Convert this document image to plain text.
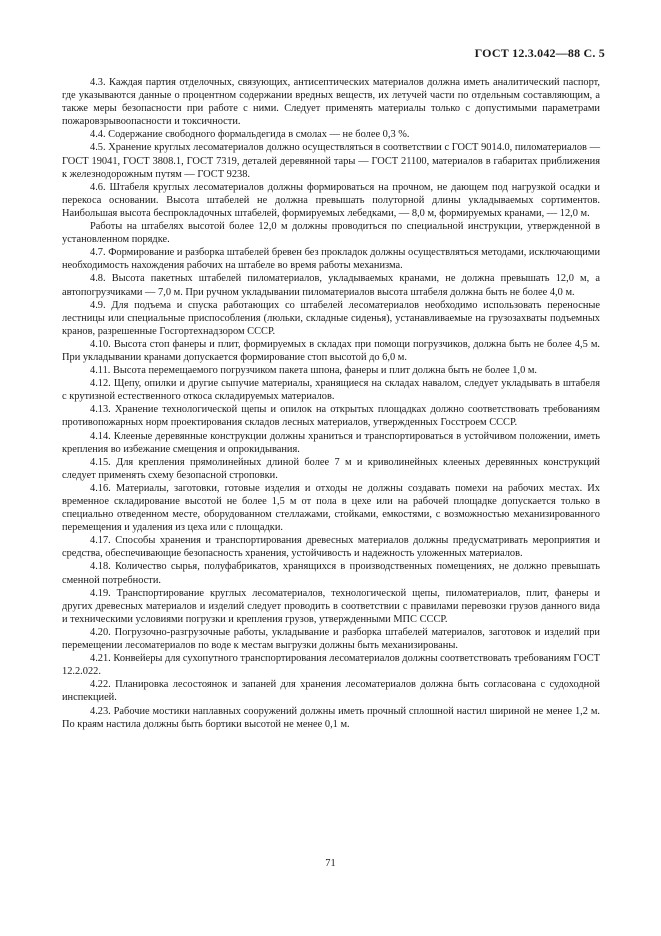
ГОСТ 12.3.042—88 С. 5

4.3. Каждая партия отделочных, связующих, антисептических материалов должна иметь аналитический паспорт, где указываются данные о процентном содержании вредных веществ, их летучей части по отдельным составляющим, а также меры безопасности при работе с ними. Следует применять материалы только с допустимыми параметрами пожаровзрывоопасности и токсичности.

4.4. Содержание свободного формальдегида в смолах — не более 0,3 %.

4.5. Хранение круглых лесоматериалов должно осуществляться в соответствии с ГОСТ 9014.0, пиломатериалов — ГОСТ 19041, ГОСТ 3808.1, ГОСТ 7319, деталей деревянной тары — ГОСТ 21100, материалов в габаритах приближения к железнодорожным путям — ГОСТ 9238.

4.6. Штабеля круглых лесоматериалов должны формироваться на прочном, не дающем под нагрузкой осадки и перекоса основании. Высота штабелей не должна превышать полуторной длины укладываемых сортиментов. Наибольшая высота беспрокладочных штабелей, формируемых лебедками, — 8,0 м, формируемых кранами, — 12,0 м.

Работы на штабелях высотой более 12,0 м должны проводиться по специальной инструкции, утвержденной в установленном порядке.

4.7. Формирование и разборка штабелей бревен без прокладок должны осуществляться методами, исключающими необходимость нахождения рабочих на штабеле во время работы механизма.

4.8. Высота пакетных штабелей пиломатериалов, укладываемых кранами, не должна превышать 12,0 м, а автопогрузчиками — 7,0 м. При ручном укладывании пиломатериалов высота штабеля должна быть не более 4,0 м.

4.9. Для подъема и спуска работающих со штабелей лесоматериалов необходимо использовать переносные лестницы или специальные приспособления (люльки, складные сиденья), устанавливаемые на грузозахваты подъемных кранов, разрешенные Госгортехнадзором СССР.

4.10. Высота стоп фанеры и плит, формируемых в складах при помощи погрузчиков, должна быть не более 4,5 м. При укладывании кранами допускается формирование стоп высотой до 6,0 м.

4.11. Высота перемещаемого погрузчиком пакета шпона, фанеры и плит должна быть не более 1,0 м.

4.12. Щепу, опилки и другие сыпучие материалы, хранящиеся на складах навалом, следует укладывать в штабеля с крутизной естественного откоса складируемых материалов.

4.13. Хранение технологической щепы и опилок на открытых площадках должно соответствовать требованиям противопожарных норм проектирования складов лесных материалов, утвержденных Госстроем СССР.

4.14. Клееные деревянные конструкции должны храниться и транспортироваться в устойчивом положении, иметь крепления во избежание смещения и опрокидывания.

4.15. Для крепления прямолинейных длиной более 7 м и криволинейных клееных деревянных конструкций следует применять схему безопасной строповки.

4.16. Материалы, заготовки, готовые изделия и отходы не должны создавать помехи на рабочих местах. Их временное складирование высотой не более 1,5 м от пола в цехе или на рабочей площадке допускается только в специально отведенном месте, оборудованном стеллажами, стойками, емкостями, с возможностью механизированного перемещения и удаления из цеха или с площадки.

4.17. Способы хранения и транспортирования древесных материалов должны предусматривать мероприятия и средства, обеспечивающие безопасность хранения, устойчивость и надежность уложенных материалов.

4.18. Количество сырья, полуфабрикатов, хранящихся в производственных помещениях, не должно превышать сменной потребности.

4.19. Транспортирование круглых лесоматериалов, технологической щепы, пиломатериалов, плит, фанеры и других древесных материалов и изделий следует проводить в соответствии с правилами перевозки грузов данного вида и техническими условиями погрузки и крепления грузов, утвержденными МПС СССР.

4.20. Погрузочно-разгрузочные работы, укладывание и разборка штабелей материалов, заготовок и изделий при перемещении лесоматериалов по воде к местам выгрузки должны быть механизированы.

4.21. Конвейеры для сухопутного транспортирования лесоматериалов должны соответствовать требованиям ГОСТ 12.2.022.

4.22. Планировка лесостоянок и запаней для хранения лесоматериалов должна быть согласована с судоходной инспекцией.

4.23. Рабочие мостики наплавных сооружений должны иметь прочный сплошной настил шириной не менее 1,2 м. По краям настила должны быть бортики высотой не менее 0,1 м.

71
